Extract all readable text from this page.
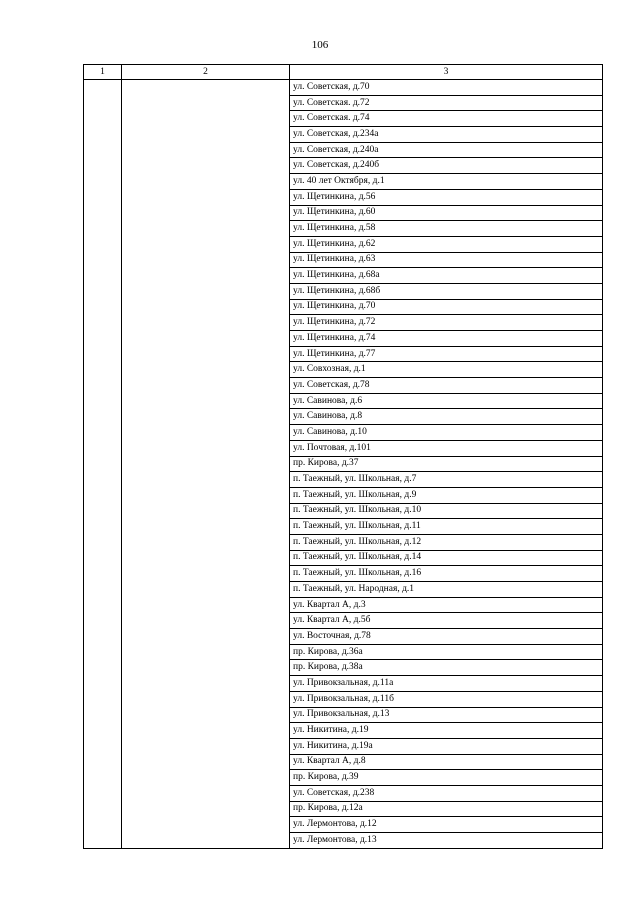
106
1	2	3
		ул. Советская, д.70
		ул. Советская. д.72
		ул. Советская. д.74
		ул. Советская, д.234а
		ул. Советская, д.240а
		ул. Советская, д.240б
		ул. 40 лет Октября, д.1
		ул. Щетинкина, д.56
		ул. Щетинкина, д.60
		ул. Щетинкина, д.58
		ул. Щетинкина, д.62
		ул. Щетинкина, д.63
		ул. Щетинкина, д.68а
		ул. Щетинкина, д.68б
		ул. Щетинкина, д.70
		ул. Щетинкина, д.72
		ул. Щетинкина, д.74
		ул. Щетинкина, д.77
		ул. Совхозная, д.1
		ул. Советская, д.78
		ул. Савинова, д.6
		ул. Савинова, д.8
		ул. Савинова, д.10
		ул. Почтовая, д.101
		пр. Кирова, д.37
		п. Таежный, ул. Школьная, д.7
		п. Таежный, ул. Школьная, д.9
		п. Таежный, ул. Школьная, д.10
		п. Таежный, ул. Школьная, д.11
		п. Таежный, ул. Школьная, д.12
		п. Таежный, ул. Школьная, д.14
		п. Таежный, ул. Школьная, д.16
		п. Таежный, ул. Народная, д.1
		ул. Квартал А, д.3
		ул. Квартал А, д.5б
		ул. Восточная, д.78
		пр. Кирова, д.36а
		пр. Кирова, д.38а
		ул. Привокзальная, д.11а
		ул. Привокзальная, д.11б
		ул. Привокзальная, д.13
		ул. Никитина, д.19
		ул. Никитина, д.19а
		ул. Квартал А, д.8
		пр. Кирова, д.39
		ул. Советская, д.238
		пр. Кирова, д.12а
		ул. Лермонтова, д.12
		ул. Лермонтова, д.13
